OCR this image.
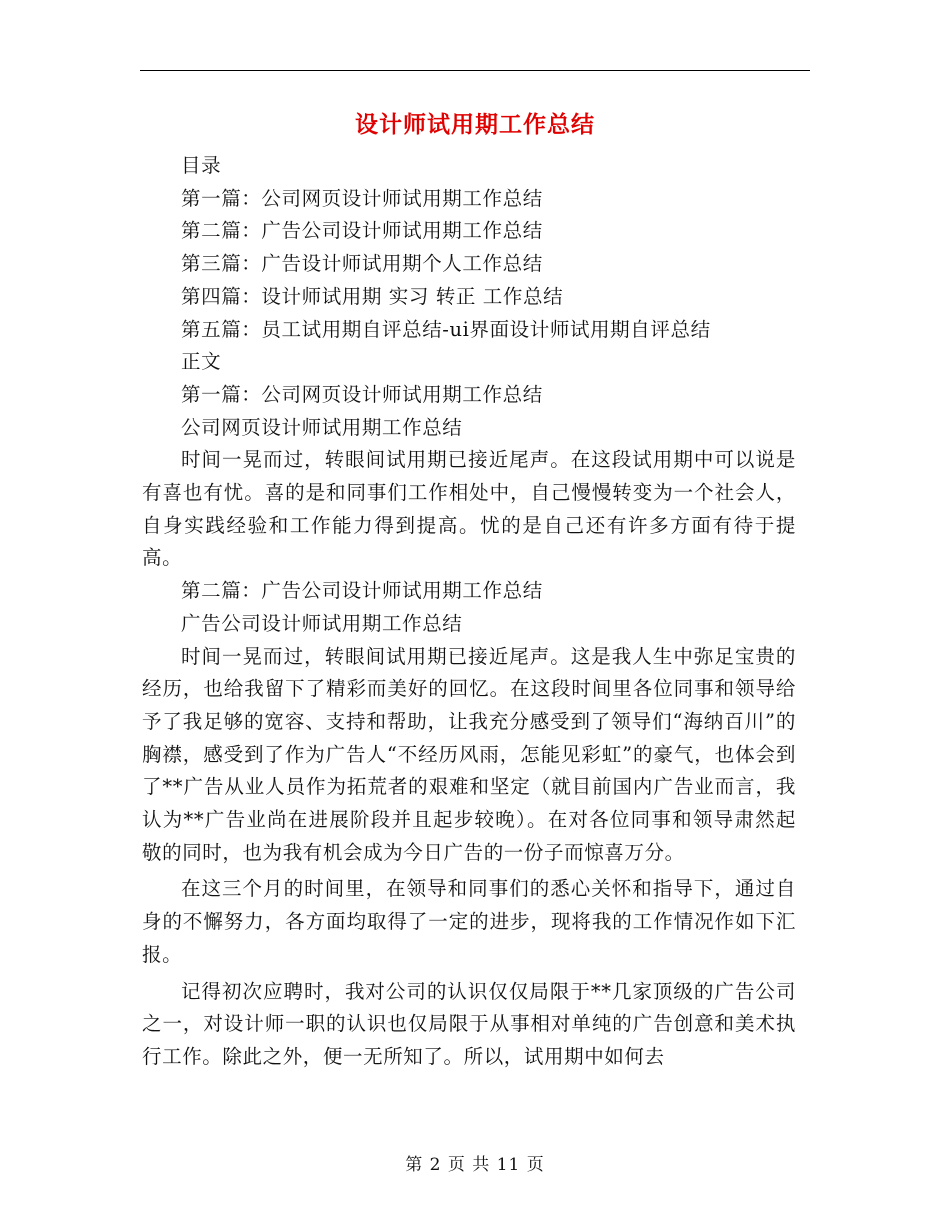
设计师试用期工作总结

目录

第一篇：公司网页设计师试用期工作总结

第二篇：广告公司设计师试用期工作总结

第三篇：广告设计师试用期个人工作总结

第四篇：设计师试用期 实习 转正 工作总结

第五篇：员工试用期自评总结-ui界面设计师试用期自评总结

正文

第一篇：公司网页设计师试用期工作总结

公司网页设计师试用期工作总结

时间一晃而过，转眼间试用期已接近尾声。在这段试用期中可以说是有喜也有忧。喜的是和同事们工作相处中，自己慢慢转变为一个社会人，自身实践经验和工作能力得到提高。忧的是自己还有许多方面有待于提高。

第二篇：广告公司设计师试用期工作总结

广告公司设计师试用期工作总结

时间一晃而过，转眼间试用期已接近尾声。这是我人生中弥足宝贵的经历，也给我留下了精彩而美好的回忆。在这段时间里各位同事和领导给予了我足够的宽容、支持和帮助，让我充分感受到了领导们“海纳百川”的胸襟，感受到了作为广告人“不经历风雨，怎能见彩虹”的豪气，也体会到了**广告从业人员作为拓荒者的艰难和坚定（就目前国内广告业而言，我认为**广告业尚在进展阶段并且起步较晚）。在对各位同事和领导肃然起敬的同时，也为我有机会成为今日广告的一份子而惊喜万分。

在这三个月的时间里，在领导和同事们的悉心关怀和指导下，通过自身的不懈努力，各方面均取得了一定的进步，现将我的工作情况作如下汇报。

记得初次应聘时，我对公司的认识仅仅局限于**几家顶级的广告公司之一，对设计师一职的认识也仅局限于从事相对单纯的广告创意和美术执行工作。除此之外，便一无所知了。所以，试用期中如何去

第 2 页 共 11 页
